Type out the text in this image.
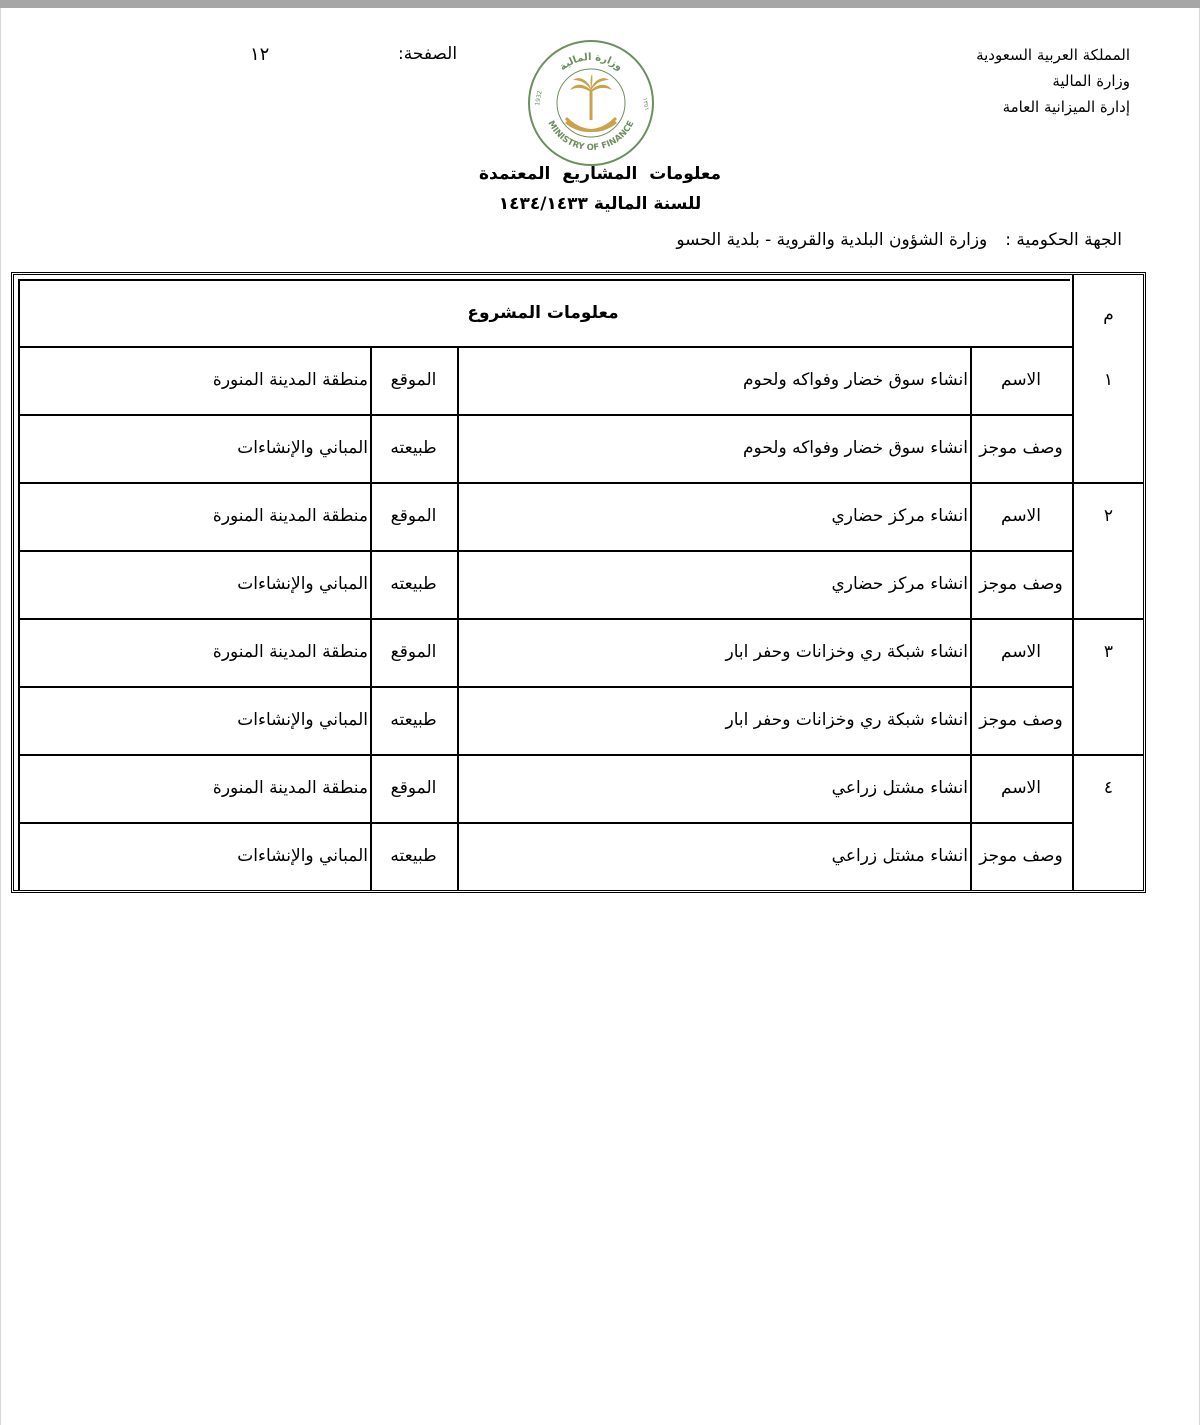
المملكة العربية السعودية
وزارة المالية
إدارة الميزانية العامة
الصفحة:
١٢
وزارة المالية
MINISTRY OF FINANCE
1932	١٣٥١
معلومات المشاريع المعتمدة
للسنة المالية ١٤٣٤/١٤٣٣
الجهة الحكومية :وزارة الشؤون البلدية والقروية - بلدية الحسو
معلومات المشروع	م
١
الاسم
انشاء سوق خضار وفواكه ولحوم
الموقع
منطقة المدينة المنورة
وصف موجز
انشاء سوق خضار وفواكه ولحوم
طبيعته
المباني والإنشاءات
٢
الاسم
انشاء مركز حضاري
الموقع
منطقة المدينة المنورة
وصف موجز
انشاء مركز حضاري
طبيعته
المباني والإنشاءات
٣
الاسم
انشاء شبكة ري وخزانات وحفر ابار
الموقع
منطقة المدينة المنورة
وصف موجز
انشاء شبكة ري وخزانات وحفر ابار
طبيعته
المباني والإنشاءات
٤
الاسم
انشاء مشتل زراعي
الموقع
منطقة المدينة المنورة
وصف موجز
انشاء مشتل زراعي
طبيعته
المباني والإنشاءات
